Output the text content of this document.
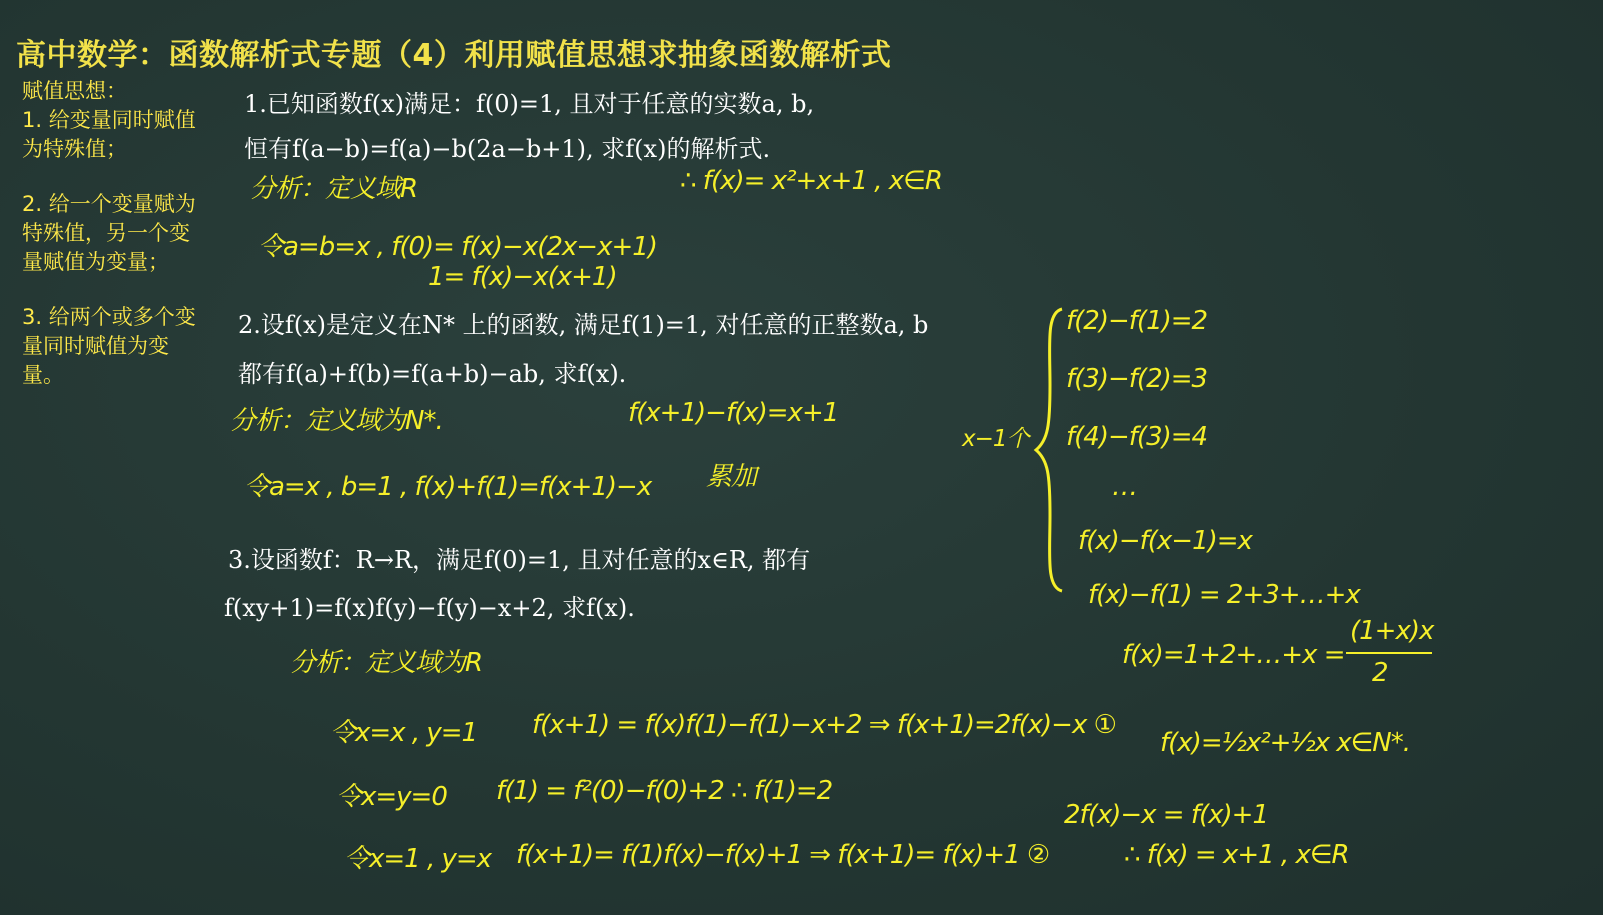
高中数学：函数解析式专题（4）利用赋值思想求抽象函数解析式
赋值思想：
1. 给变量同时赋值
为特殊值；
2. 给一个变量赋为
特殊值，另一个变
量赋值为变量；
3. 给两个或多个变
量同时赋值为变
量。
1.已知函数f(x)满足：f(0)=1, 且对于任意的实数a, b,
恒有f(a−b)=f(a)−b(2a−b+1), 求f(x)的解析式.
2.设f(x)是定义在N* 上的函数, 满足f(1)=1, 对任意的正整数a, b
都有f(a)+f(b)=f(a+b)−ab, 求f(x).
3.设函数f：R→R，满足f(0)=1, 且对任意的x∈R, 都有
f(xy+1)=f(x)f(y)−f(y)−x+2, 求f(x).
分析：定义域R	∴ f(x)= x²+x+1 , x∈R
令a=b=x , f(0)= f(x)−x(2x−x+1)
1= f(x)−x(x+1)
分析：定义域为N*.
令a=x , b=1 , f(x)+f(1)=f(x+1)−x
f(x+1)−f(x)=x+1
累加
x−1个
f(2)−f(1)=2
f(3)−f(2)=3
f(4)−f(3)=4
…
f(x)−f(x−1)=x
f(x)−f(1) = 2+3+…+x
f(x)=1+2+…+x =
(1+x)x
2
f(x)=½x²+½x x∈N*.
分析：定义域为R
令x=x , y=1 f(x+1) = f(x)f(1)−f(1)−x+2 ⇒ f(x+1)=2f(x)−x ①
令x=y=0 f(1) = f²(0)−f(0)+2 ∴ f(1)=2
2f(x)−x = f(x)+1
令x=1 , y=x f(x+1)= f(1)f(x)−f(x)+1 ⇒ f(x+1)= f(x)+1 ②	∴ f(x) = x+1 , x∈R
